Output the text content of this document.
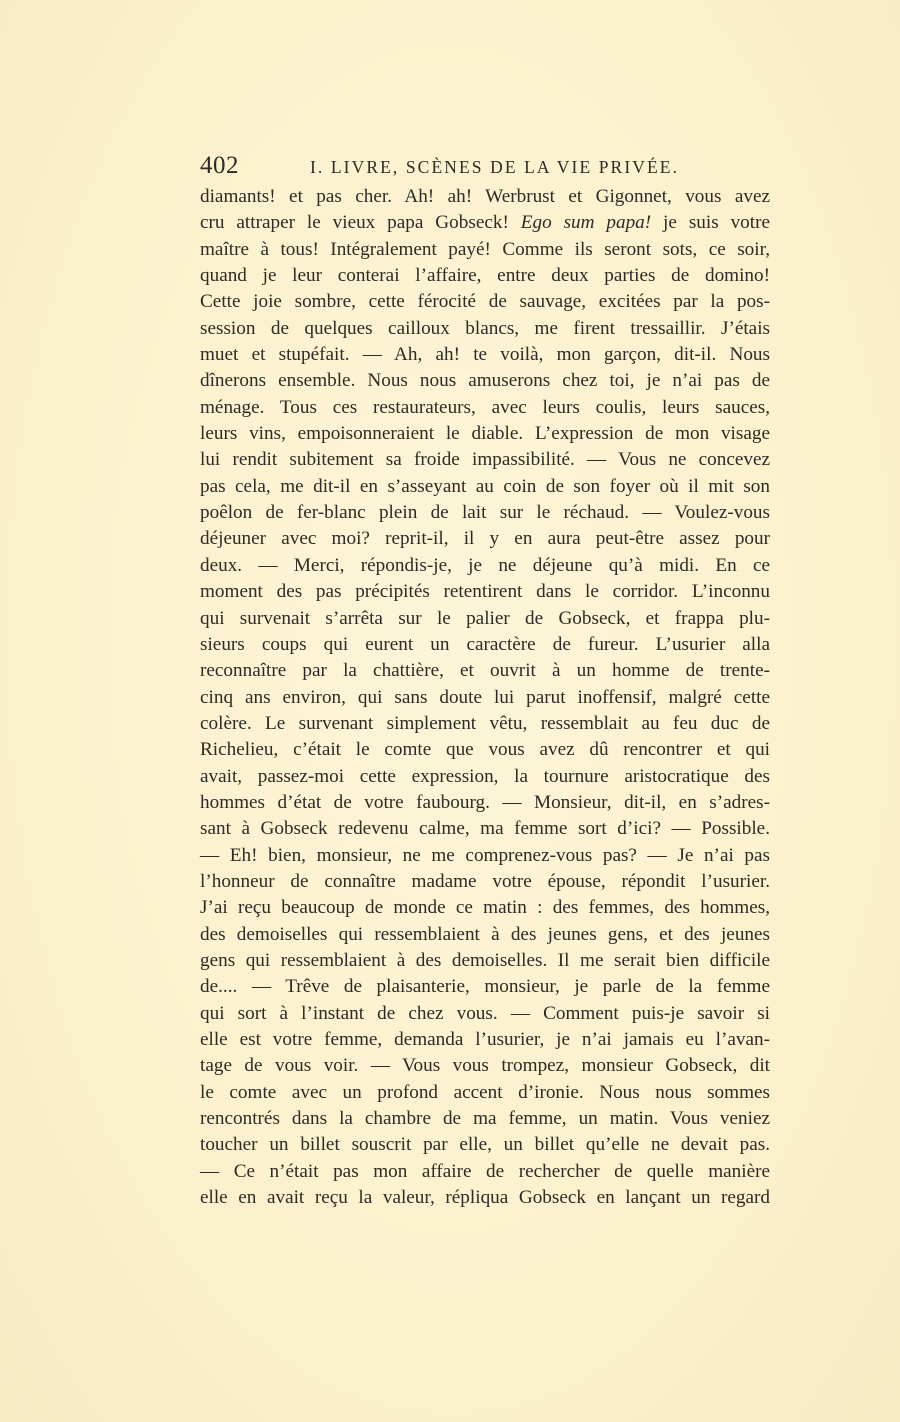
402	I. LIVRE, SCÈNES DE LA VIE PRIVÉE.
diamants! et pas cher. Ah! ah! Werbrust et Gigonnet, vous avez
cru attraper le vieux papa Gobseck! Ego sum papa! je suis votre
maître à tous! Intégralement payé! Comme ils seront sots, ce soir,
quand je leur conterai l’affaire, entre deux parties de domino!
Cette joie sombre, cette férocité de sauvage, excitées par la pos-
session de quelques cailloux blancs, me firent tressaillir. J’étais
muet et stupéfait. — Ah, ah! te voilà, mon garçon, dit-il. Nous
dînerons ensemble. Nous nous amuserons chez toi, je n’ai pas de
ménage. Tous ces restaurateurs, avec leurs coulis, leurs sauces,
leurs vins, empoisonneraient le diable. L’expression de mon visage
lui rendit subitement sa froide impassibilité. — Vous ne concevez
pas cela, me dit-il en s’asseyant au coin de son foyer où il mit son
poêlon de fer-blanc plein de lait sur le réchaud. — Voulez-vous
déjeuner avec moi? reprit-il, il y en aura peut-être assez pour
deux. — Merci, répondis-je, je ne déjeune qu’à midi. En ce
moment des pas précipités retentirent dans le corridor. L’inconnu
qui survenait s’arrêta sur le palier de Gobseck, et frappa plu-
sieurs coups qui eurent un caractère de fureur. L’usurier alla
reconnaître par la chattière, et ouvrit à un homme de trente-
cinq ans environ, qui sans doute lui parut inoffensif, malgré cette
colère. Le survenant simplement vêtu, ressemblait au feu duc de
Richelieu, c’était le comte que vous avez dû rencontrer et qui
avait, passez-moi cette expression, la tournure aristocratique des
hommes d’état de votre faubourg. — Monsieur, dit-il, en s’adres-
sant à Gobseck redevenu calme, ma femme sort d’ici? — Possible.
— Eh! bien, monsieur, ne me comprenez-vous pas? — Je n’ai pas
l’honneur de connaître madame votre épouse, répondit l’usurier.
J’ai reçu beaucoup de monde ce matin : des femmes, des hommes,
des demoiselles qui ressemblaient à des jeunes gens, et des jeunes
gens qui ressemblaient à des demoiselles. Il me serait bien difficile
de.... — Trêve de plaisanterie, monsieur, je parle de la femme
qui sort à l’instant de chez vous. — Comment puis-je savoir si
elle est votre femme, demanda l’usurier, je n’ai jamais eu l’avan-
tage de vous voir. — Vous vous trompez, monsieur Gobseck, dit
le comte avec un profond accent d’ironie. Nous nous sommes
rencontrés dans la chambre de ma femme, un matin. Vous veniez
toucher un billet souscrit par elle, un billet qu’elle ne devait pas.
— Ce n’était pas mon affaire de rechercher de quelle manière
elle en avait reçu la valeur, répliqua Gobseck en lançant un regard
